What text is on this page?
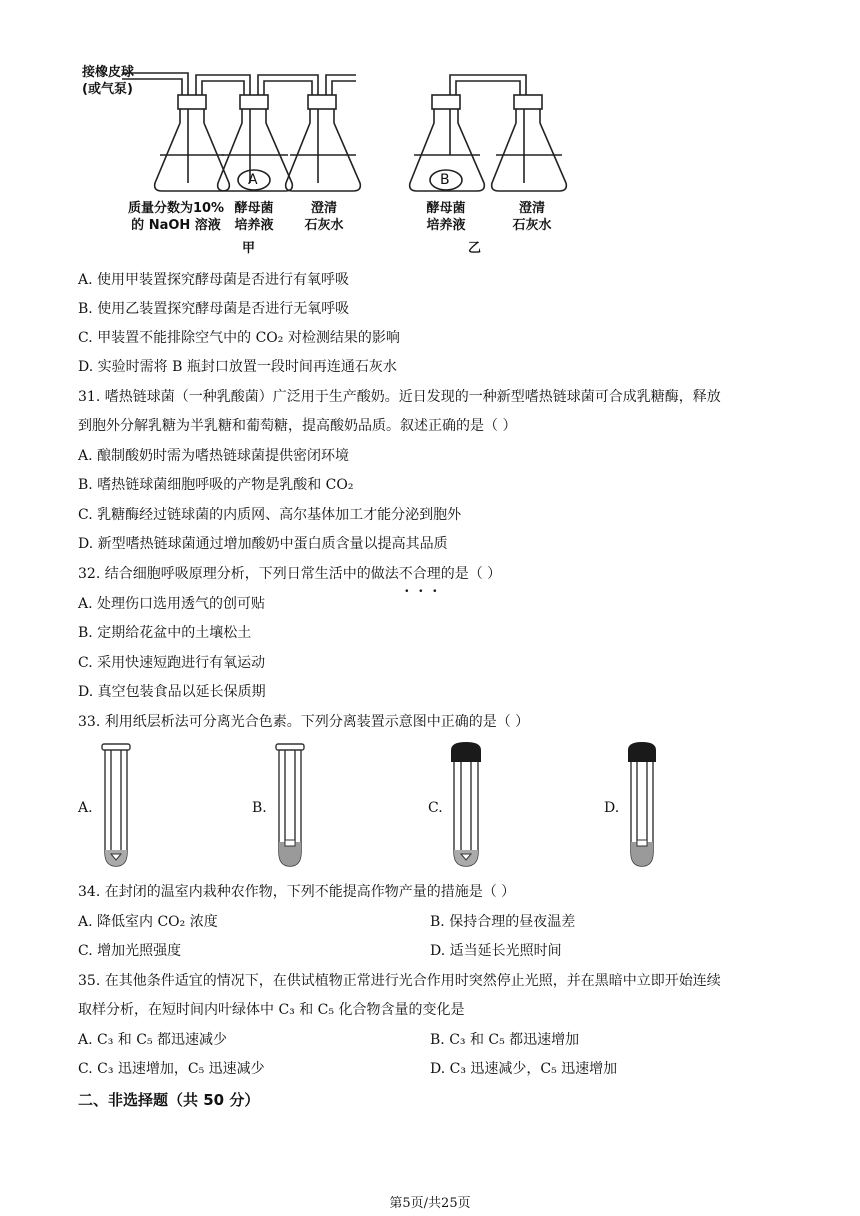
接橡皮球
(或气泵)
A	B
质量分数为10%
的 NaOH 溶液
酵母菌
培养液
澄清
石灰水
甲
酵母菌
培养液
澄清
石灰水
乙
A. 使用甲装置探究酵母菌是否进行有氧呼吸
B. 使用乙装置探究酵母菌是否进行无氧呼吸
C. 甲装置不能排除空气中的 CO₂ 对检测结果的影响
D. 实验时需将 B 瓶封口放置一段时间再连通石灰水
31. 嗜热链球菌（一种乳酸菌）广泛用于生产酸奶。近日发现的一种新型嗜热链球菌可合成乳糖酶，释放
到胞外分解乳糖为半乳糖和葡萄糖，提高酸奶品质。叙述正确的是（ ）
A. 酿制酸奶时需为嗜热链球菌提供密闭环境
B. 嗜热链球菌细胞呼吸的产物是乳酸和 CO₂
C. 乳糖酶经过链球菌的内质网、高尔基体加工才能分泌到胞外
D. 新型嗜热链球菌通过增加酸奶中蛋白质含量以提高其品质
32. 结合细胞呼吸原理分析，下列日常生活中的做法不合理的是（ ）
A. 处理伤口选用透气的创可贴
B. 定期给花盆中的土壤松土
C. 采用快速短跑进行有氧运动
D. 真空包装食品以延长保质期
33. 利用纸层析法可分离光合色素。下列分离装置示意图中正确的是（ ）
A.	B.	C.	D.
34. 在封闭的温室内栽种农作物，下列不能提高作物产量的措施是（ ）
A. 降低室内 CO₂ 浓度	B. 保持合理的昼夜温差
C. 增加光照强度	D. 适当延长光照时间
35. 在其他条件适宜的情况下，在供试植物正常进行光合作用时突然停止光照，并在黑暗中立即开始连续
取样分析，在短时间内叶绿体中 C₃ 和 C₅ 化合物含量的变化是
A. C₃ 和 C₅ 都迅速减少	B. C₃ 和 C₅ 都迅速增加
C. C₃ 迅速增加，C₅ 迅速减少	D. C₃ 迅速减少，C₅ 迅速增加
二、非选择题（共 50 分）
第5页/共25页
